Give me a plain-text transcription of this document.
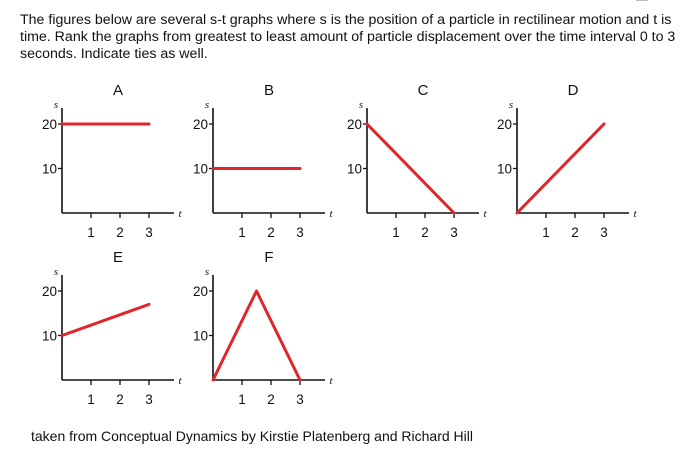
The figures below are several s-t graphs where s is the position of a particle in rectilinear motion and t is time. Rank the graphs from greatest to least amount of particle displacement over the time interval 0 to 3 seconds. Indicate ties as well.

A
s
t
20
10
1 2 3
B
s
t
20
10
1 2 3
C
s
t
20
10
1 2 3
D
s
t
20
10
1 2 3
E
s
t
20
10
1 2 3
F
s
t
20
10
1 2 3

taken from Conceptual Dynamics by Kirstie Platenberg and Richard Hill
